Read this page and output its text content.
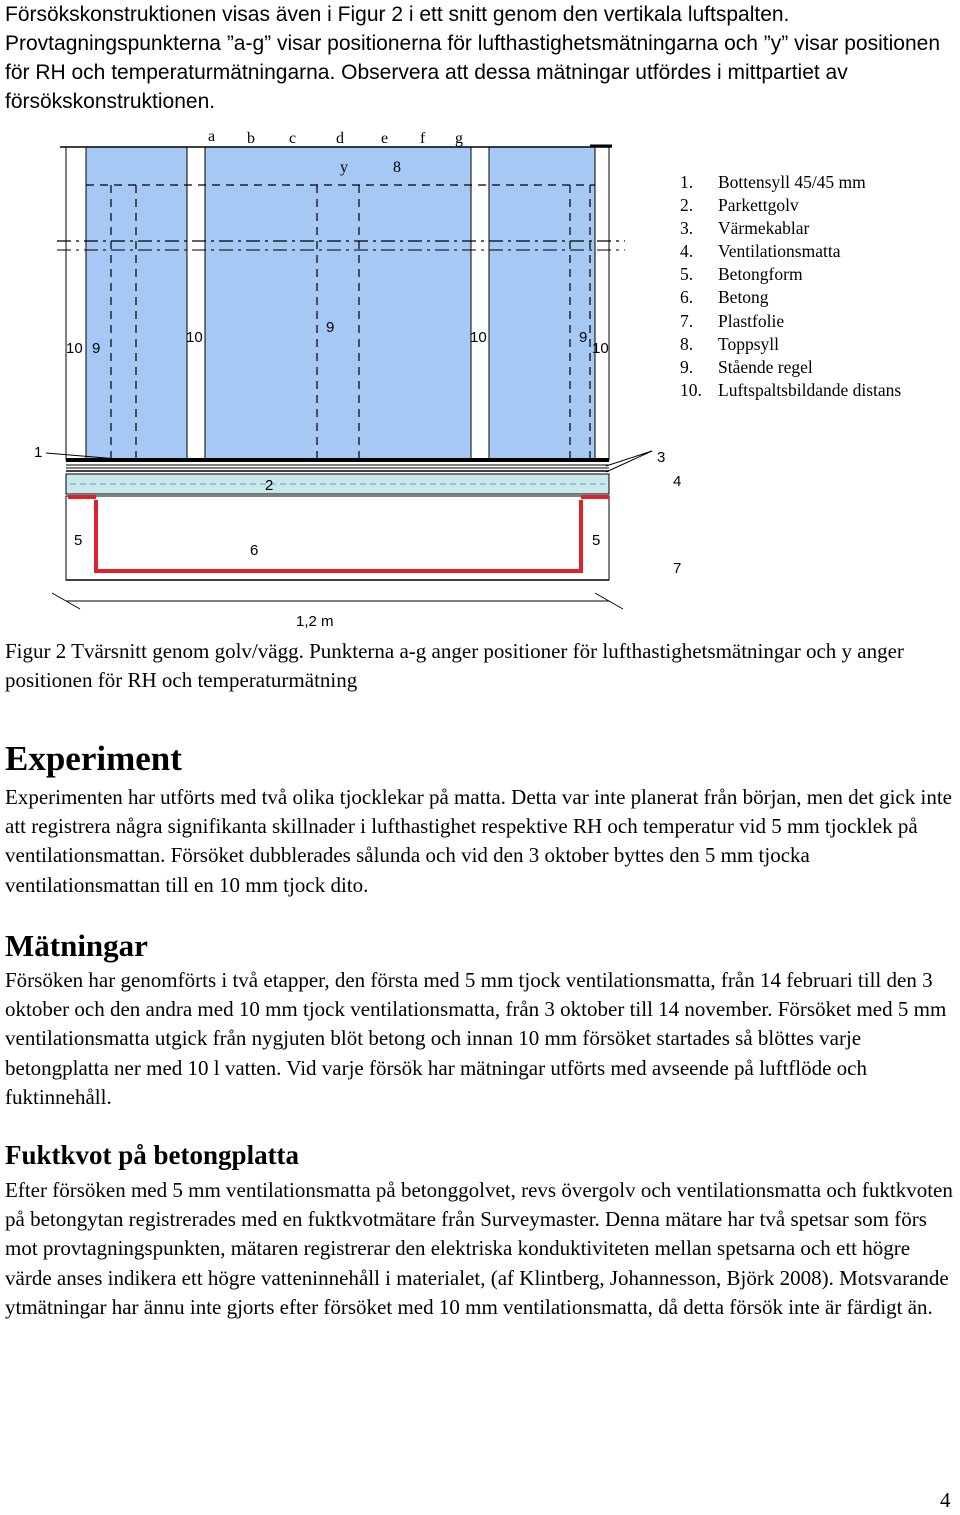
Försökskonstruktionen visas även i Figur 2 i ett snitt genom den vertikala luftspalten. Provtagningspunkterna ”a-g” visar positionerna för lufthastighetsmätningarna och ”y” visar positionen för RH och temperaturmätningarna. Observera att dessa mätningar utfördes i mittpartiet av försökskonstruktionen.

a b c d e f g
y	8
10 9
10
9
10	9
10
1
2
3
4
5
6
5
7
1,2 m
1. Bottensyll 45/45 mm
2. Parkettgolv
3. Värmekablar
4. Ventilationsmatta
5. Betongform
6. Betong
7. Plastfolie
8. Toppsyll
9. Stående regel
10. Luftspaltsbildande distans

Figur 2 Tvärsnitt genom golv/vägg. Punkterna a-g anger positioner för lufthastighetsmätningar och y anger positionen för RH och temperaturmätning

Experiment

Experimenten har utförts med två olika tjocklekar på matta. Detta var inte planerat från början, men det gick inte att registrera några signifikanta skillnader i lufthastighet respektive RH och temperatur vid 5 mm tjocklek på ventilationsmattan. Försöket dubblerades sålunda och vid den 3 oktober byttes den 5 mm tjocka ventilationsmattan till en 10 mm tjock dito.

Mätningar

Försöken har genomförts i två etapper, den första med 5 mm tjock ventilationsmatta, från 14 februari till den 3 oktober och den andra med 10 mm tjock ventilationsmatta, från 3 oktober till 14 november. Försöket med 5 mm ventilationsmatta utgick från nygjuten blöt betong och innan 10 mm försöket startades så blöttes varje betongplatta ner med 10 l vatten. Vid varje försök har mätningar utförts med avseende på luftflöde och fuktinnehåll.

Fuktkvot på betongplatta

Efter försöken med 5 mm ventilationsmatta på betonggolvet, revs övergolv och ventilationsmatta och fuktkvoten på betongytan registrerades med en fuktkvotmätare från Surveymaster. Denna mätare har två spetsar som förs mot provtagningspunkten, mätaren registrerar den elektriska konduktiviteten mellan spetsarna och ett högre värde anses indikera ett högre vatteninnehåll i materialet, (af Klintberg, Johannesson, Björk 2008). Motsvarande ytmätningar har ännu inte gjorts efter försöket med 10 mm ventilationsmatta, då detta försök inte är färdigt än.

4
